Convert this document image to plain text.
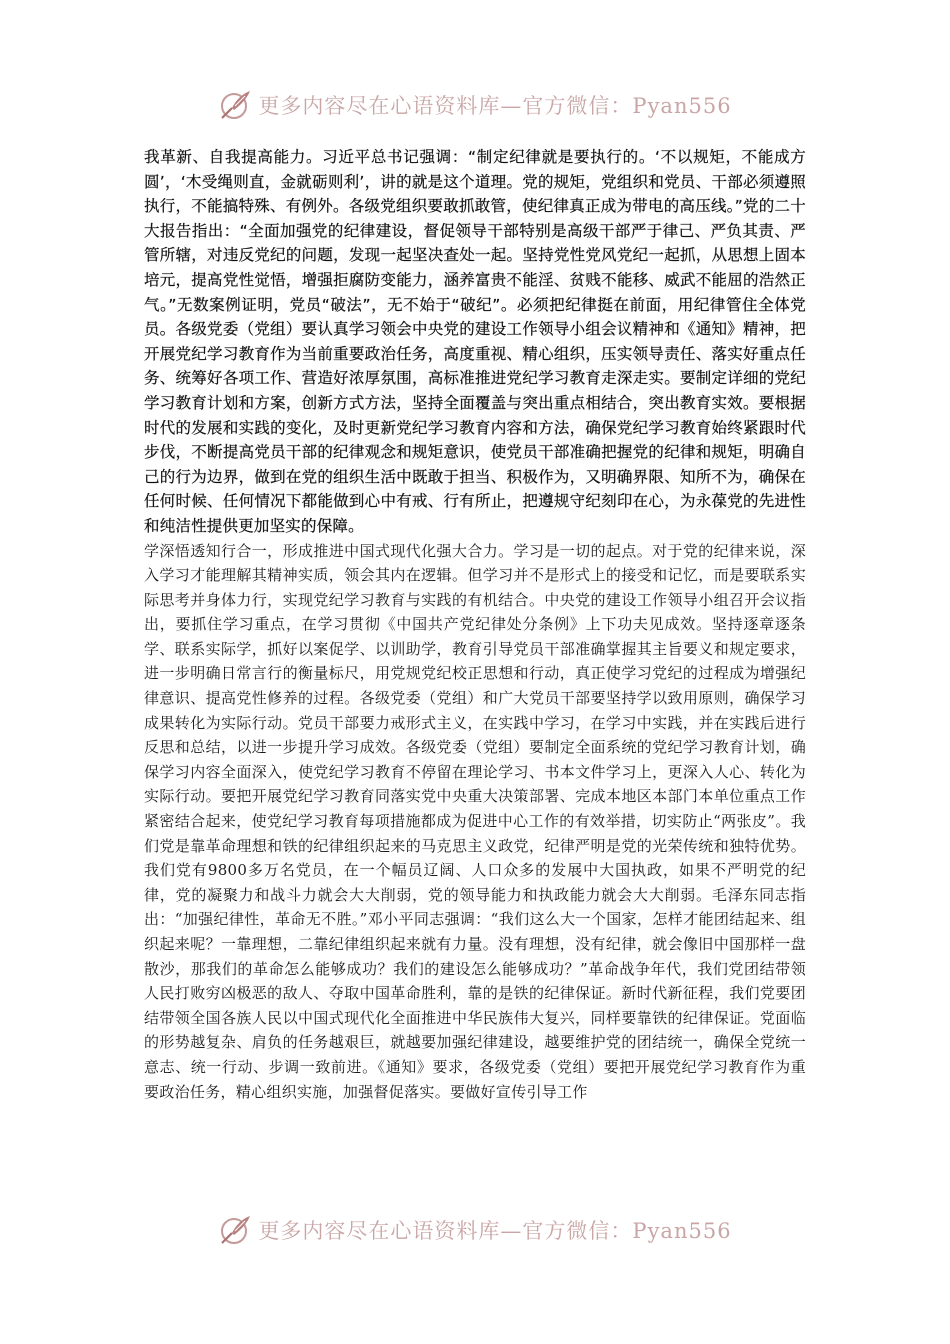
更多内容尽在心语资料库—官方微信：Pyan556

我革新、自我提高能力。习近平总书记强调：“制定纪律就是要执行的。‘不以规矩，不能成方圆’，‘木受绳则直，金就砺则利’，讲的就是这个道理。党的规矩，党组织和党员、干部必须遵照执行，不能搞特殊、有例外。各级党组织要敢抓敢管，使纪律真正成为带电的高压线。”党的二十大报告指出：“全面加强党的纪律建设，督促领导干部特别是高级干部严于律己、严负其责、严管所辖，对违反党纪的问题，发现一起坚决查处一起。坚持党性党风党纪一起抓，从思想上固本培元，提高党性觉悟，增强拒腐防变能力，涵养富贵不能淫、贫贱不能移、威武不能屈的浩然正气。”无数案例证明，党员“破法”，无不始于“破纪”。必须把纪律挺在前面，用纪律管住全体党员。各级党委（党组）要认真学习领会中央党的建设工作领导小组会议精神和《通知》精神，把开展党纪学习教育作为当前重要政治任务，高度重视、精心组织，压实领导责任、落实好重点任务、统筹好各项工作、营造好浓厚氛围，高标准推进党纪学习教育走深走实。要制定详细的党纪学习教育计划和方案，创新方式方法，坚持全面覆盖与突出重点相结合，突出教育实效。要根据时代的发展和实践的变化，及时更新党纪学习教育内容和方法，确保党纪学习教育始终紧跟时代步伐，不断提高党员干部的纪律观念和规矩意识，使党员干部准确把握党的纪律和规矩，明确自己的行为边界，做到在党的组织生活中既敢于担当、积极作为，又明确界限、知所不为，确保在任何时候、任何情况下都能做到心中有戒、行有所止，把遵规守纪刻印在心，为永葆党的先进性和纯洁性提供更加坚实的保障。

学深悟透知行合一，形成推进中国式现代化强大合力。学习是一切的起点。对于党的纪律来说，深入学习才能理解其精神实质，领会其内在逻辑。但学习并不是形式上的接受和记忆，而是要联系实际思考并身体力行，实现党纪学习教育与实践的有机结合。中央党的建设工作领导小组召开会议指出，要抓住学习重点，在学习贯彻《中国共产党纪律处分条例》上下功夫见成效。坚持逐章逐条学、联系实际学，抓好以案促学、以训助学，教育引导党员干部准确掌握其主旨要义和规定要求，进一步明确日常言行的衡量标尺，用党规党纪校正思想和行动，真正使学习党纪的过程成为增强纪律意识、提高党性修养的过程。各级党委（党组）和广大党员干部要坚持学以致用原则，确保学习成果转化为实际行动。党员干部要力戒形式主义，在实践中学习，在学习中实践，并在实践后进行反思和总结，以进一步提升学习成效。各级党委（党组）要制定全面系统的党纪学习教育计划，确保学习内容全面深入，使党纪学习教育不停留在理论学习、书本文件学习上，更深入人心、转化为实际行动。要把开展党纪学习教育同落实党中央重大决策部署、完成本地区本部门本单位重点工作紧密结合起来，使党纪学习教育每项措施都成为促进中心工作的有效举措，切实防止“两张皮”。我们党是靠革命理想和铁的纪律组织起来的马克思主义政党，纪律严明是党的光荣传统和独特优势。我们党有9800多万名党员，在一个幅员辽阔、人口众多的发展中大国执政，如果不严明党的纪律，党的凝聚力和战斗力就会大大削弱，党的领导能力和执政能力就会大大削弱。毛泽东同志指出：“加强纪律性，革命无不胜。”邓小平同志强调：“我们这么大一个国家，怎样才能团结起来、组织起来呢？一靠理想，二靠纪律组织起来就有力量。没有理想，没有纪律，就会像旧中国那样一盘散沙，那我们的革命怎么能够成功？我们的建设怎么能够成功？”革命战争年代，我们党团结带领人民打败穷凶极恶的敌人、夺取中国革命胜利，靠的是铁的纪律保证。新时代新征程，我们党要团结带领全国各族人民以中国式现代化全面推进中华民族伟大复兴，同样要靠铁的纪律保证。党面临的形势越复杂、肩负的任务越艰巨，就越要加强纪律建设，越要维护党的团结统一，确保全党统一意志、统一行动、步调一致前进。《通知》要求，各级党委（党组）要把开展党纪学习教育作为重要政治任务，精心组织实施，加强督促落实。要做好宣传引导工作

更多内容尽在心语资料库—官方微信：Pyan556
